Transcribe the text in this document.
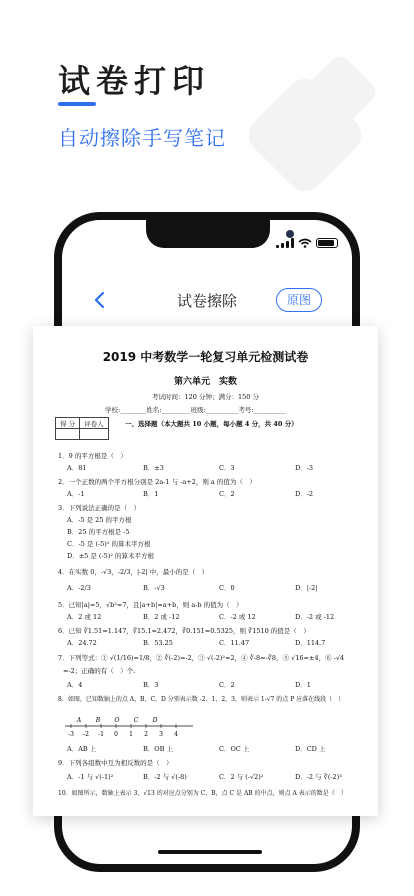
试卷打印
自动擦除手写笔记
试卷擦除	原图
2019 中考数学一轮复习单元检测试卷
第六单元　实数
考试时间：120 分钟；满分：150 分
学校:________姓名:_________班级:__________考号:__________
得 分	评卷人
		一、选择题（本大题共 10 小题，每小题 4 分，共 40 分）
1．9 的平方根是（　）
A．81	B．±3	C．3	D．-3
2．一个正数的两个平方根分别是 2a-1 与 -a+2，则 a 的值为（　）
A．-1	B．1	C．2	D．-2
3．下列说法正确的是（　）
A．-5 是 25 的平方根
B．25 的平方根是 -5
C．-5 是 (-5)² 的算术平方根
D．±5 是 (-5)² 的算术平方根
4．在实数 0，-√3，-2/3，|-2| 中，最小的是（　）
A．-2/3	B．-√3	C．0	D．|-2|
5．已知|a|=5，√b²=7，且|a+b|=a+b，则 a-b 的值为（　）
A．2 或 12	B．2 或 -12	C．-2 或 12	D．-2 或 -12
6．已知 ∛1.51=1.147，∛15.1=2.472，∛0.151=0.5325，则 ∛1510 的值是（　）
A．24.72	B．53.25	C．11.47	D．114.7
7．下列等式：① √(1/16)=1/8，② ∛(-2)=-2，③ √(-2)²=2，④ ∛-8=-∛8，⑤ √16=±4，⑥ -√4
=-2；正确的有（　）个.
A．4	B．3	C．2	D．1
8．如图，已知数轴上的点 A、B、C、D 分别表示数 -2、1、2、3，则表示 1-√7 的点 P 应落在线段（　）
-3 -2 -1 0 1 2 3 4
A B O C D
A．AB 上	B．OB 上	C．OC 上	D．CD 上
9．下列各组数中互为相反数的是（　）
A．-1 与 √(-1)²	B．-2 与 √(-8)	C．2 与 (-√2)²	D．-2 与 ∛(-2)³
10．如图所示，数轴上表示 3、√13 的对应点分别为 C、B，点 C 是 AB 的中点，则点 A 表示的数是（　）
